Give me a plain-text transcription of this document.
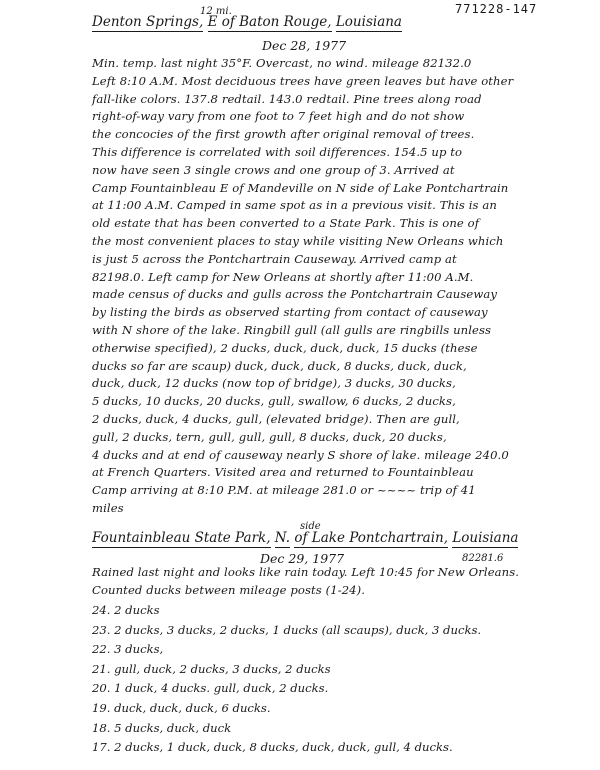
771228-147
12 mi.
Denton Springs, E of Baton Rouge, Louisiana
Dec 28, 1977
Min. temp. last night 35°F. Overcast, no wind. mileage 82132.0
Left 8:10 A.M. Most deciduous trees have green leaves but have other
fall-like colors. 137.8 redtail. 143.0 redtail. Pine trees along road
right-of-way vary from one foot to 7 feet high and do not show
the concocies of the first growth after original removal of trees.
This difference is correlated with soil differences. 154.5 up to
now have seen 3 single crows and one group of 3. Arrived at
Camp Fountainbleau E of Mandeville on N side of Lake Pontchartrain
at 11:00 A.M. Camped in same spot as in a previous visit. This is an
old estate that has been converted to a State Park. This is one of
the most convenient places to stay while visiting New Orleans which
is just 5 across the Pontchartrain Causeway. Arrived camp at
82198.0. Left camp for New Orleans at shortly after 11:00 A.M.
made census of ducks and gulls across the Pontchartrain Causeway
by listing the birds as observed starting from contact of causeway
with N shore of the lake. Ringbill gull (all gulls are ringbills unless
otherwise specified), 2 ducks, duck, duck, duck, 15 ducks (these
ducks so far are scaup) duck, duck, duck, 8 ducks, duck, duck,
duck, duck, 12 ducks (now top of bridge), 3 ducks, 30 ducks,
5 ducks, 10 ducks, 20 ducks, gull, swallow, 6 ducks, 2 ducks,
2 ducks, duck, 4 ducks, gull, (elevated bridge). Then are gull,
gull, 2 ducks, tern, gull, gull, gull, 8 ducks, duck, 20 ducks,
4 ducks and at end of causeway nearly S shore of lake. mileage 240.0
at French Quarters. Visited area and returned to Fountainbleau
Camp arriving at 8:10 P.M. at mileage 281.0 or ~~~~ trip of 41
miles
side
Fountainbleau State Park, N. of Lake Pontchartrain, Louisiana
Dec 29, 1977	82281.6
Rained last night and looks like rain today. Left 10:45 for New Orleans.
Counted ducks between mileage posts (1-24).
24. 2 ducks
23. 2 ducks, 3 ducks, 2 ducks, 1 ducks (all scaups), duck, 3 ducks.
22. 3 ducks,
21. gull, duck, 2 ducks, 3 ducks, 2 ducks
20. 1 duck, 4 ducks. gull, duck, 2 ducks.
19. duck, duck, duck, 6 ducks.
18. 5 ducks, duck, duck
17. 2 ducks, 1 duck, duck, 8 ducks, duck, duck, gull, 4 ducks.
